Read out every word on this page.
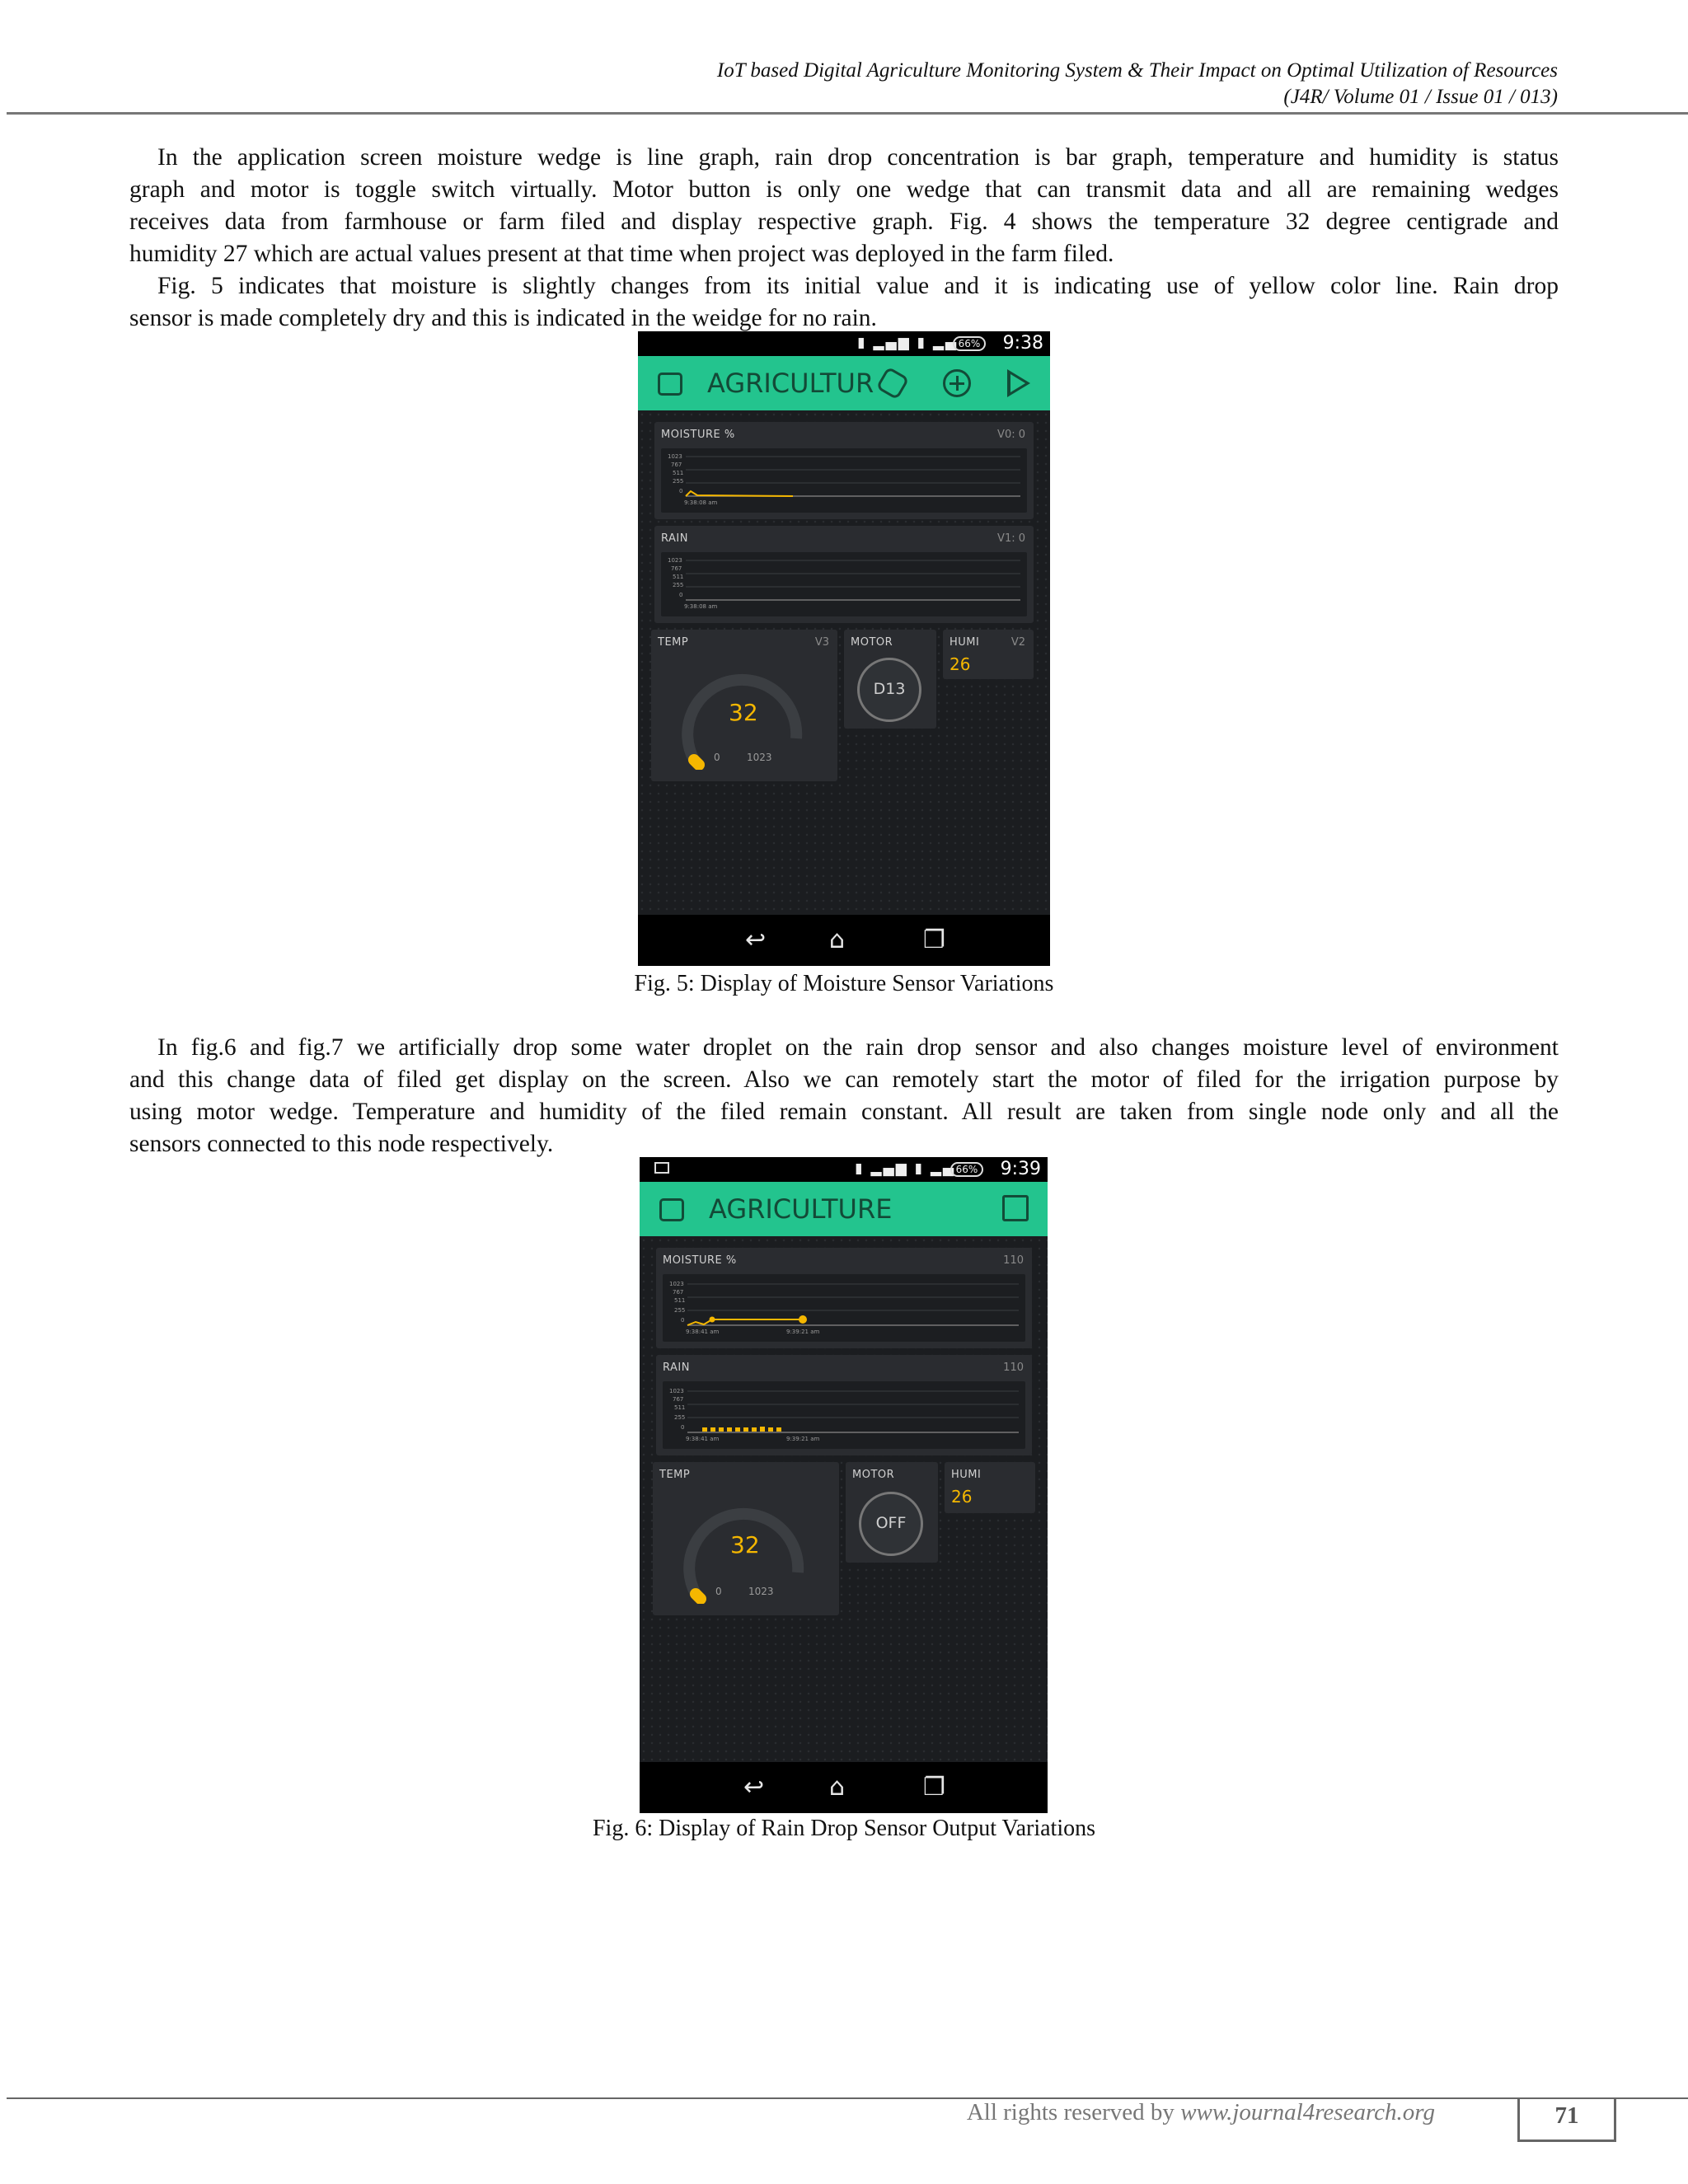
IoT based Digital Agriculture Monitoring System & Their Impact on Optimal Utilization of Resources
(J4R/ Volume 01 / Issue 01 / 013)
In the application screen moisture wedge is line graph, rain drop concentration is bar graph, temperature and humidity is status
graph and motor is toggle switch virtually. Motor button is only one wedge that can transmit data and all are remaining wedges
receives data from farmhouse or farm filed and display respective graph. Fig. 4 shows the temperature 32 degree centigrade and
humidity 27 which are actual values present at that time when project was deployed in the farm filed.
Fig. 5 indicates that moisture is slightly changes from its initial value and it is indicating use of yellow color line. Rain drop
sensor is made completely dry and this is indicated in the weidge for no rain.
▮ ▂▄▆ ▮ ▂▄ 66%	9:38
AGRICULTUR
MOISTURE %	V0: 0
1023
767
511
255
0
9:38:08 am
RAIN	V1: 0
1023
767
511
255
0
9:38:08 am
TEMP	V3
32
0	1023
MOTOR
D13
HUMI	V2
26
↩	⌂	❐
Fig. 5: Display of Moisture Sensor Variations
In fig.6 and fig.7 we artificially drop some water droplet on the rain drop sensor and also changes moisture level of environment
and this change data of filed get display on the screen. Also we can remotely start the motor of filed for the irrigation purpose by
using motor wedge. Temperature and humidity of the filed remain constant. All result are taken from single node only and all the
sensors connected to this node respectively.
▮ ▂▄▆ ▮ ▂▄ 66%	9:39
AGRICULTURE
MOISTURE %	110
1023
767
511
255
0
9:38:41 am	9:39:21 am
RAIN	110
1023
767
511
255
0
9:38:41 am	9:39:21 am
TEMP
32
0	1023
MOTOR
OFF
HUMI
26
↩	⌂	❐
Fig. 6: Display of Rain Drop Sensor Output Variations
All rights reserved by www.journal4research.org	71
